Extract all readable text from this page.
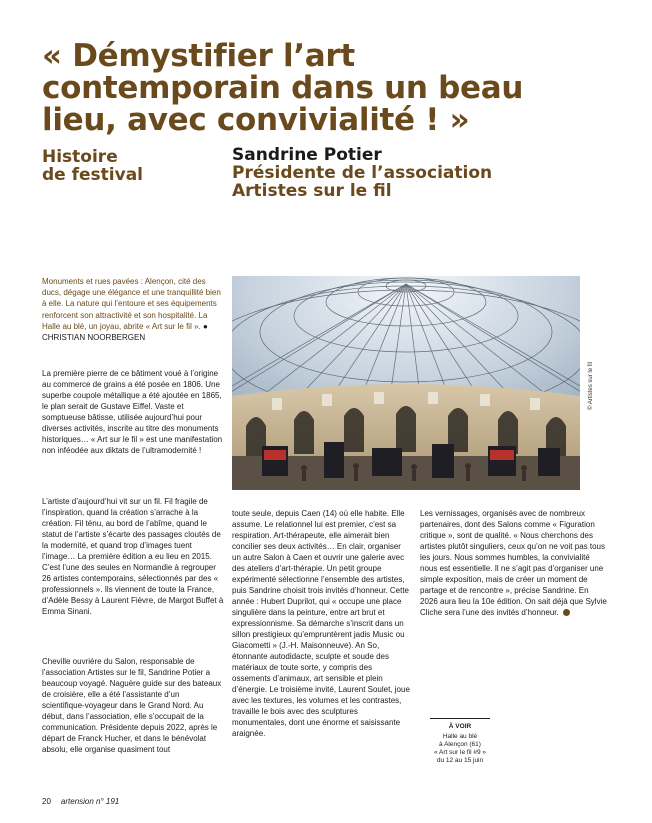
« Démystifier l’art
contemporain dans un beau
lieu, avec convivialité ! »
Histoire
de festival
Sandrine Potier
Présidente de l’association
Artistes sur le fil
Monuments et rues pavées : Alençon, cité des ducs, dégage une élégance et une tranquillité bien à elle. La nature qui l’entoure et ses équipements renforcent son attractivité et son hospitalité. La Halle au blé, un joyau, abrite « Art sur le fil ». ● CHRISTIAN NOORBERGEN
© Artistes sur le fil

La première pierre de ce bâtiment voué à l’origine au commerce de grains a été posée en 1806. Une superbe coupole métallique a été ajoutée en 1865, le plan serait de Gustave Eiffel. Vaste et somptueuse bâtisse, utilisée aujourd’hui pour diverses activités, inscrite au titre des monuments historiques… « Art sur le fil » est une manifestation non inféodée aux diktats de l’ultramodernité !

L’artiste d’aujourd’hui vit sur un fil. Fil fragile de l’inspiration, quand la création s’arrache à la création. Fil ténu, au bord de l’abîme, quand le statut de l’artiste s’écarte des passages cloutés de la modernité, et quand trop d’images tuent l’image… La première édition a eu lieu en 2015. C’est l’une des seules en Normandie à regrouper 26 artistes contemporains, sélectionnés par des « professionnels ». Ils viennent de toute la France, d’Adèle Bessy à Laurent Fièvre, de Margot Buffet à Emma Sinani.

Cheville ouvrière du Salon, responsable de l’association Artistes sur le fil, Sandrine Potier a beaucoup voyagé. Naguère guide sur des bateaux de croisière, elle a été l’assistante d’un scientifique-voyageur dans le Grand Nord. Au début, dans l’association, elle s’occupait de la communication. Présidente depuis 2022, après le départ de Franck Hucher, et dans le bénévolat absolu, elle organise quasiment tout

toute seule, depuis Caen (14) où elle habite. Elle assume. Le relationnel lui est premier, c’est sa respiration. Art-thérapeute, elle aimerait bien concilier ses deux activités… En clair, organiser un autre Salon à Caen et ouvrir une galerie avec des ateliers d’art-thérapie. Un petit groupe expérimenté sélectionne l’ensemble des artistes, puis Sandrine choisit trois invités d’honneur. Cette année : Hubert Duprilot, qui « occupe une place singulière dans la peinture, entre art brut et expressionnisme. Sa démarche s’inscrit dans un sillon prestigieux qu’empruntèrent jadis Music ou Giacometti » (J.-H. Maisonneuve). An So, étonnante autodidacte, sculpte et soude des matériaux de toute sorte, y compris des ossements d’animaux, art sensible et plein d’énergie. Le troisième invité, Laurent Soulet, joue avec les textures, les volumes et les contrastes, travaille le bois avec des sculptures monumentales, dont une énorme et saisissante araignée.

Les vernissages, organisés avec de nombreux partenaires, dont des Salons comme « Figuration critique », sont de qualité. « Nous cherchons des artistes plutôt singuliers, ceux qu’on ne voit pas tous les jours. Nous sommes humbles, la convivialité nous est essentielle. Il ne s’agit pas d’organiser une simple exposition, mais de créer un moment de partage et de rencontre », précise Sandrine. En 2026 aura lieu la 10e édition. On sait déjà que Sylvie Cliche sera l’une des invités d’honneur.

À VOIR
Halle au blé
à Alençon (61)
« Art sur le fil #9 »
du 12 au 15 juin
20 artension n° 191
